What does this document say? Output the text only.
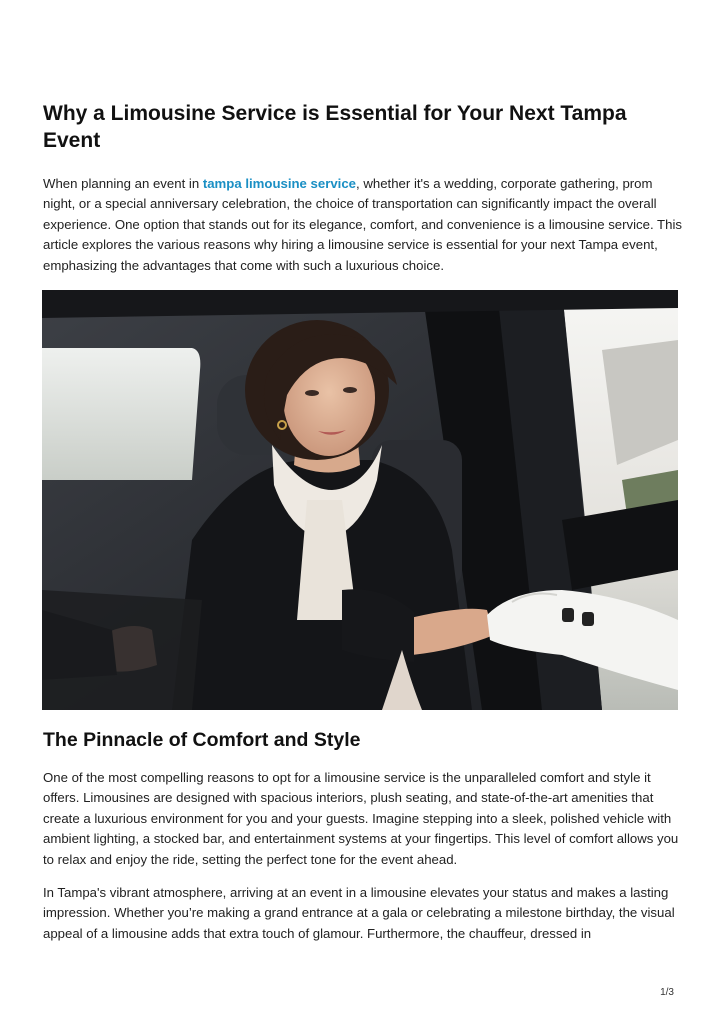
Why a Limousine Service is Essential for Your Next Tampa Event

When planning an event in tampa limousine service, whether it's a wedding, corporate gathering, prom night, or a special anniversary celebration, the choice of transportation can significantly impact the overall experience. One option that stands out for its elegance, comfort, and convenience is a limousine service. This article explores the various reasons why hiring a limousine service is essential for your next Tampa event, emphasizing the advantages that come with such a luxurious choice.

The Pinnacle of Comfort and Style

One of the most compelling reasons to opt for a limousine service is the unparalleled comfort and style it offers. Limousines are designed with spacious interiors, plush seating, and state-of-the-art amenities that create a luxurious environment for you and your guests. Imagine stepping into a sleek, polished vehicle with ambient lighting, a stocked bar, and entertainment systems at your fingertips. This level of comfort allows you to relax and enjoy the ride, setting the perfect tone for the event ahead.

In Tampa's vibrant atmosphere, arriving at an event in a limousine elevates your status and makes a lasting impression. Whether you’re making a grand entrance at a gala or celebrating a milestone birthday, the visual appeal of a limousine adds that extra touch of glamour. Furthermore, the chauffeur, dressed in

1/3
